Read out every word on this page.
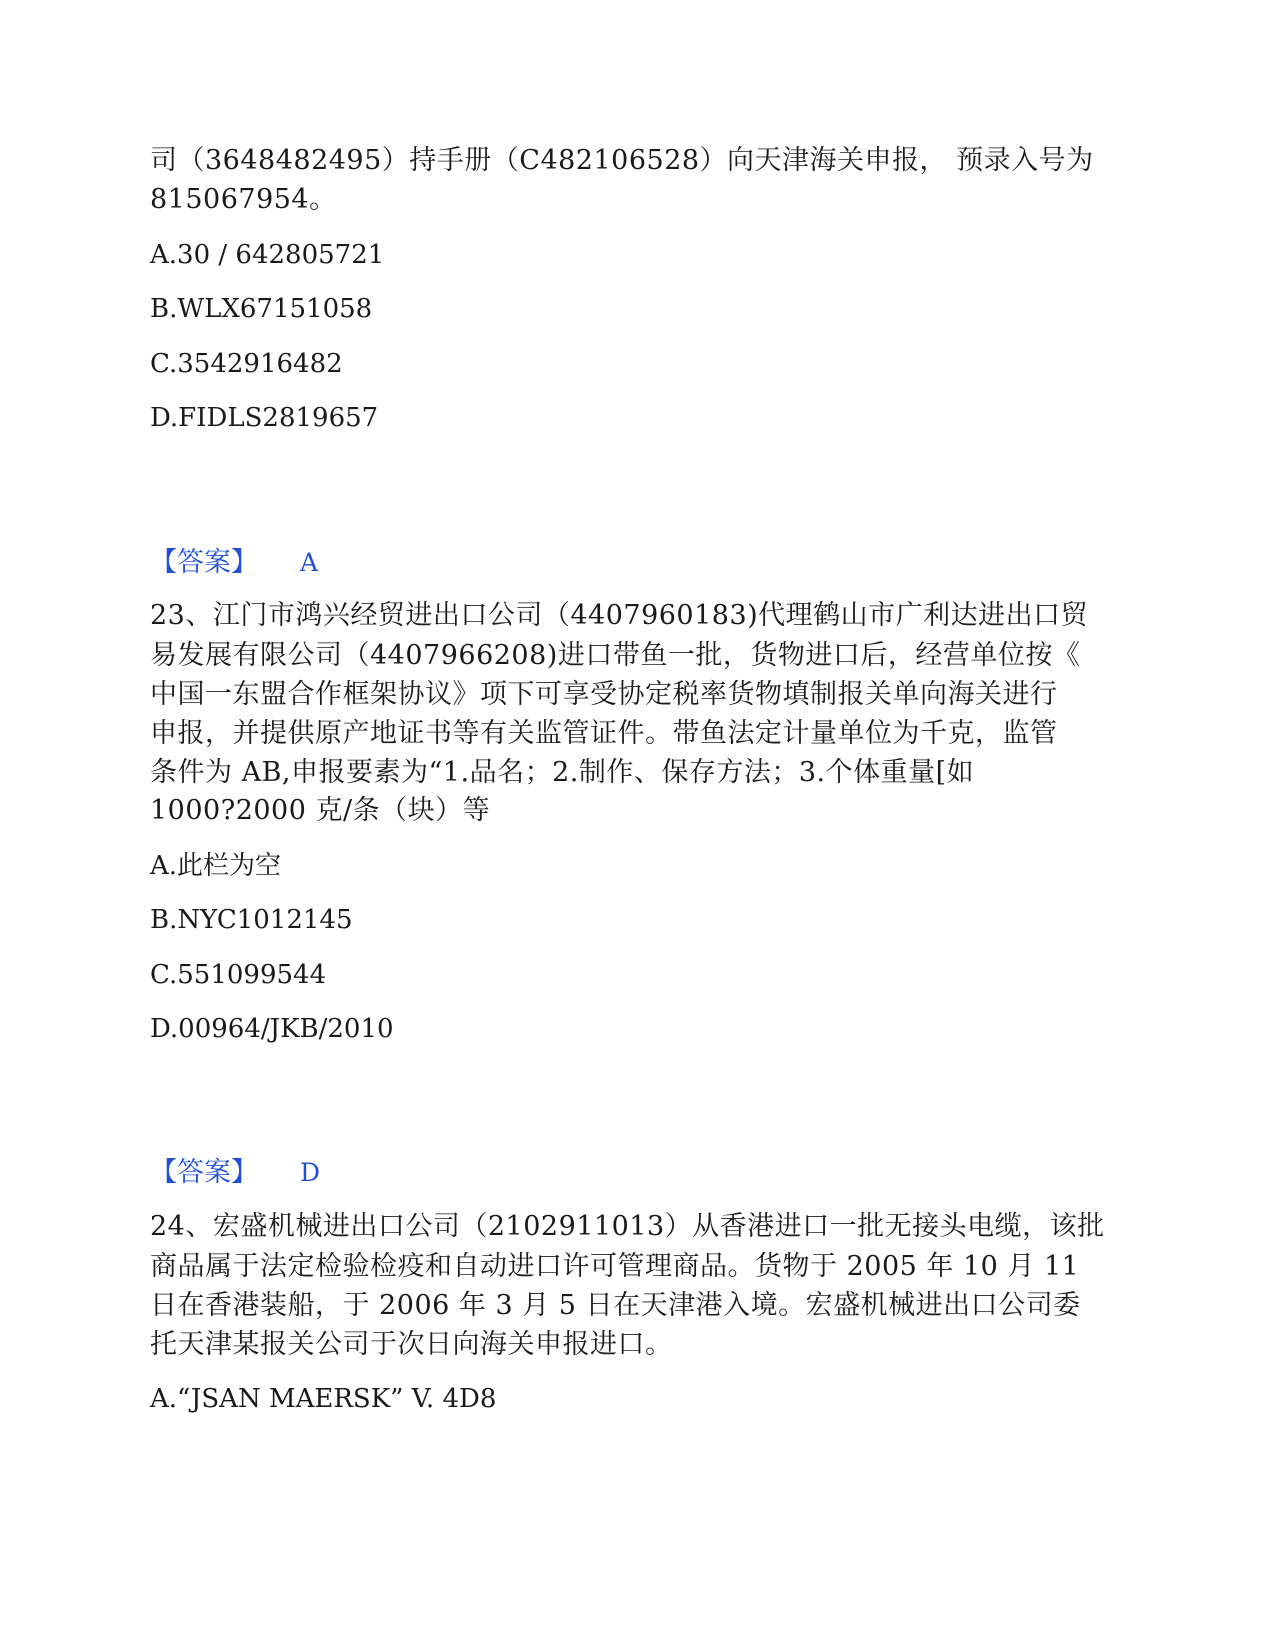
司（3648482495）持手册（C482106528）向天津海关申报， 预录入号为
815067954。
A.30 / 642805721
B.WLX67151058
C.3542916482
D.FIDLS2819657
【答案】 A
23、江门市鸿兴经贸进出口公司（4407960183)代理鹤山市广利达进出口贸
易发展有限公司（4407966208)进口带鱼一批，货物进口后，经营单位按《
中国一东盟合作框架协议》项下可享受协定税率货物填制报关单向海关进行
申报，并提供原产地证书等有关监管证件。带鱼法定计量单位为千克，监管
条件为 AB,申报要素为“1.品名；2.制作、保存方法；3.个体重量[如
1000?2000 克/条（块）等
A.此栏为空
B.NYC1012145
C.551099544
D.00964/JKB/2010
【答案】 D
24、宏盛机械进出口公司（2102911013）从香港进口一批无接头电缆，该批
商品属于法定检验检疫和自动进口许可管理商品。货物于 2005 年 10 月 11
日在香港装船，于 2006 年 3 月 5 日在天津港入境。宏盛机械进出口公司委
托天津某报关公司于次日向海关申报进口。
A.“JSAN MAERSK” V. 4D8
